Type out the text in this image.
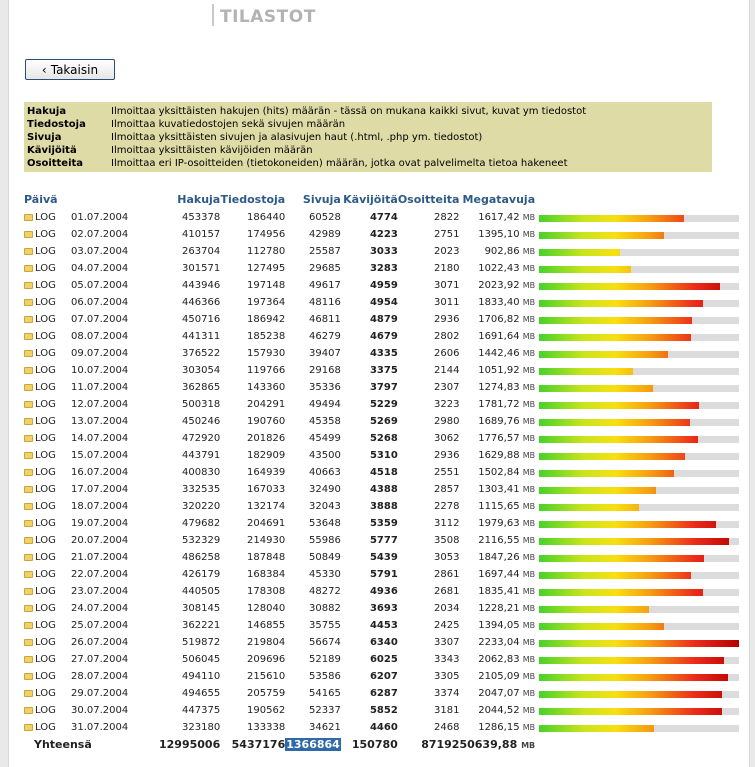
TILASTOT
‹ Takaisin
Hakuja	Ilmoittaa yksittäisten hakujen (hits) määrän - tässä on mukana kaikki sivut, kuvat ym tiedostot
Tiedostoja	Ilmoittaa kuvatiedostojen sekä sivujen määrän
Sivuja	Ilmoittaa yksittäisten sivujen ja alasivujen haut (.html, .php ym. tiedostot)
Kävijöitä	Ilmoittaa yksittäisten kävijöiden määrän
Osoitteita	Ilmoittaa eri IP-osoitteiden (tietokoneiden) määrän, jotka ovat palvelimelta tietoa hakeneet
Päivä	Hakuja	Tiedostoja	Sivuja	Kävijöitä	Osoitteita	Megatavuja	

LOG 01.07.2004	453378	186440	60528	4774	2822	1617,42 MB	

LOG 02.07.2004	410157	174956	42989	4223	2751	1395,10 MB	

LOG 03.07.2004	263704	112780	25587	3033	2023	902,86 MB	

LOG 04.07.2004	301571	127495	29685	3283	2180	1022,43 MB	

LOG 05.07.2004	443946	197148	49617	4959	3071	2023,92 MB	

LOG 06.07.2004	446366	197364	48116	4954	3011	1833,40 MB	

LOG 07.07.2004	450716	186942	46811	4879	2936	1706,82 MB	

LOG 08.07.2004	441311	185238	46279	4679	2802	1691,64 MB	

LOG 09.07.2004	376522	157930	39407	4335	2606	1442,46 MB	

LOG 10.07.2004	303054	119766	29168	3375	2144	1051,92 MB	

LOG 11.07.2004	362865	143360	35336	3797	2307	1274,83 MB	

LOG 12.07.2004	500318	204291	49494	5229	3223	1781,72 MB	

LOG 13.07.2004	450246	190760	45358	5269	2980	1689,76 MB	

LOG 14.07.2004	472920	201826	45499	5268	3062	1776,57 MB	

LOG 15.07.2004	443791	182909	43500	5310	2936	1629,88 MB	

LOG 16.07.2004	400830	164939	40663	4518	2551	1502,84 MB	

LOG 17.07.2004	332535	167033	32490	4388	2857	1303,41 MB	

LOG 18.07.2004	320220	132174	32043	3888	2278	1115,65 MB	

LOG 19.07.2004	479682	204691	53648	5359	3112	1979,63 MB	

LOG 20.07.2004	532329	214930	55986	5777	3508	2116,55 MB	

LOG 21.07.2004	486258	187848	50849	5439	3053	1847,26 MB	

LOG 22.07.2004	426179	168384	45330	5791	2861	1697,44 MB	

LOG 23.07.2004	440505	178308	48272	4936	2681	1835,41 MB	

LOG 24.07.2004	308145	128040	30882	3693	2034	1228,21 MB	

LOG 25.07.2004	362221	146855	35755	4453	2425	1394,05 MB	

LOG 26.07.2004	519872	219804	56674	6340	3307	2233,04 MB	

LOG 27.07.2004	506045	209696	52189	6025	3343	2062,83 MB	

LOG 28.07.2004	494110	215610	53586	6207	3305	2105,09 MB	

LOG 29.07.2004	494655	205759	54165	6287	3374	2047,07 MB	

LOG 30.07.2004	447375	190562	52337	5852	3181	2044,52 MB	

LOG 31.07.2004	323180	133338	34621	4460	2468	1286,15 MB	

Yhteensä	12995006	5437176	1366864	150780	87192	50639,88 MB	
